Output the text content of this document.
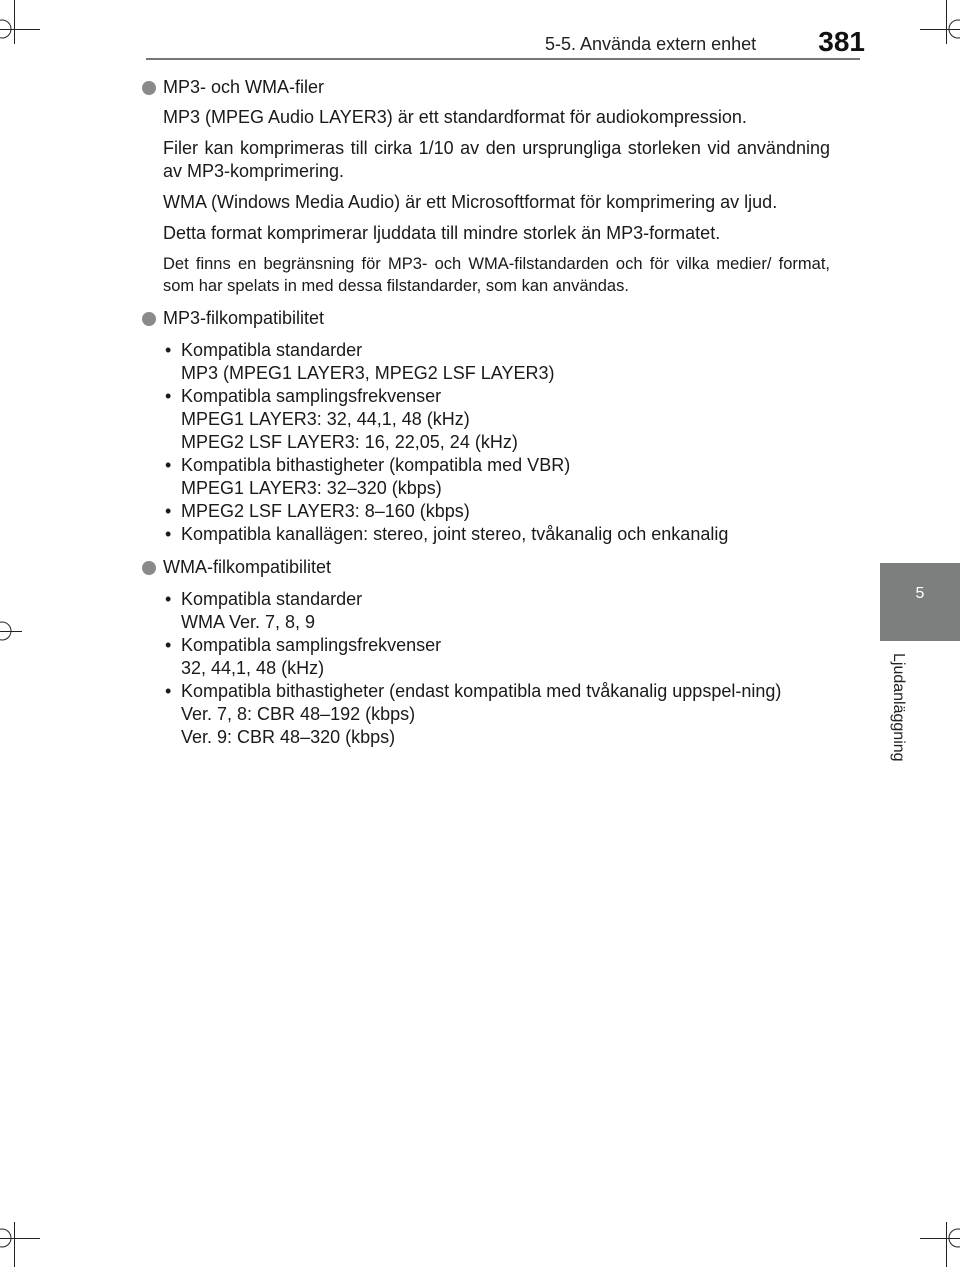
5-5. Använda extern enhet 381
5
Ljudanläggning
MP3- och WMA-filer

MP3 (MPEG Audio LAYER3) är ett standardformat för audiokompression.

Filer kan komprimeras till cirka 1/10 av den ursprungliga storleken vid användning av MP3-komprimering.

WMA (Windows Media Audio) är ett Microsoftformat för komprimering av ljud.

Detta format komprimerar ljuddata till mindre storlek än MP3-formatet.

Det finns en begränsning för MP3- och WMA-filstandarden och för vilka medier/ format, som har spelats in med dessa filstandarder, som kan användas.

MP3-filkompatibilitet
• Kompatibla standarder
MP3 (MPEG1 LAYER3, MPEG2 LSF LAYER3)
• Kompatibla samplingsfrekvenser
MPEG1 LAYER3: 32, 44,1, 48 (kHz)
MPEG2 LSF LAYER3: 16, 22,05, 24 (kHz)
• Kompatibla bithastigheter (kompatibla med VBR)
MPEG1 LAYER3: 32–320 (kbps)
• MPEG2 LSF LAYER3: 8–160 (kbps)
• Kompatibla kanallägen: stereo, joint stereo, tvåkanalig och enkanalig
WMA-filkompatibilitet
• Kompatibla standarder
WMA Ver. 7, 8, 9
• Kompatibla samplingsfrekvenser
32, 44,1, 48 (kHz)
• Kompatibla bithastigheter (endast kompatibla med tvåkanalig uppspel-ning)
Ver. 7, 8: CBR 48–192 (kbps)
Ver. 9: CBR 48–320 (kbps)
